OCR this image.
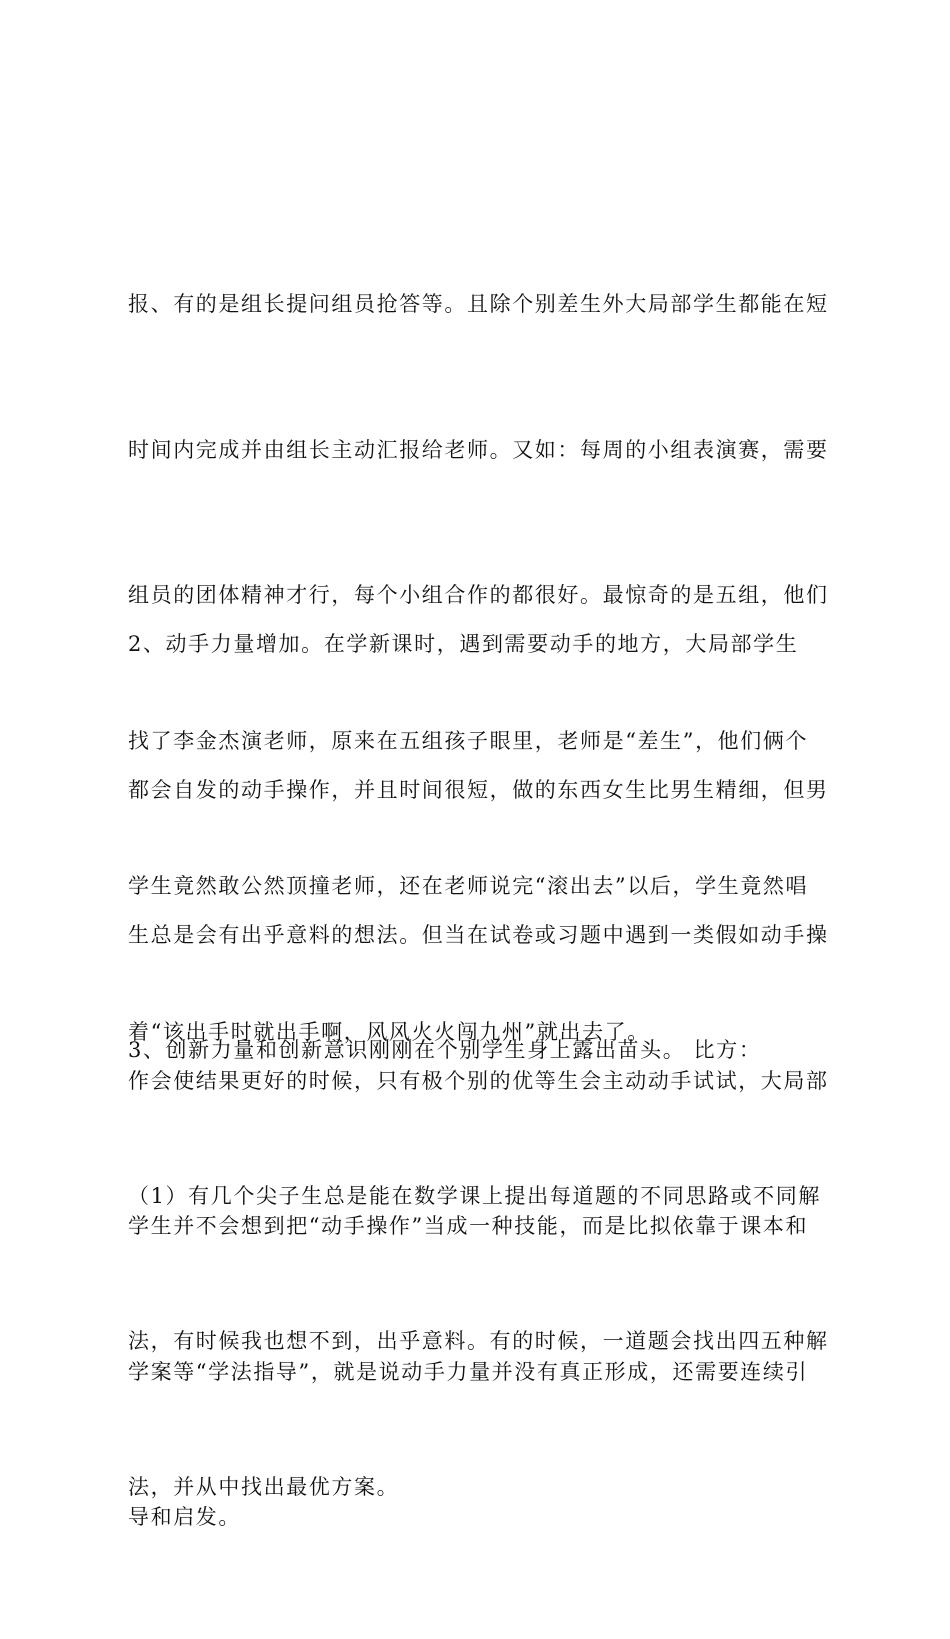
报、有的是组长提问组员抢答等。且除个别差生外大局部学生都能在短

时间内完成并由组长主动汇报给老师。又如：每周的小组表演赛，需要

组员的团体精神才行，每个小组合作的都很好。最惊奇的是五组，他们

找了李金杰演老师，原来在五组孩子眼里，老师是“差生”，他们俩个

学生竟然敢公然顶撞老师，还在老师说完“滚出去”以后，学生竟然唱

着“该出手时就出手啊，风风火火闯九州”就出去了。

2、动手力量增加。在学新课时，遇到需要动手的地方，大局部学生

都会自发的动手操作，并且时间很短，做的东西女生比男生精细，但男

生总是会有出乎意料的想法。但当在试卷或习题中遇到一类假如动手操

作会使结果更好的时候，只有极个别的优等生会主动动手试试，大局部

学生并不会想到把“动手操作”当成一种技能，而是比拟依靠于课本和

学案等“学法指导”，就是说动手力量并没有真正形成，还需要连续引

导和启发。

3、创新力量和创新意识刚刚在个别学生身上露出苗头。 比方：

（1）有几个尖子生总是能在数学课上提出每道题的不同思路或不同解

法，有时候我也想不到，出乎意料。有的时候，一道题会找出四五种解

法，并从中找出最优方案。
